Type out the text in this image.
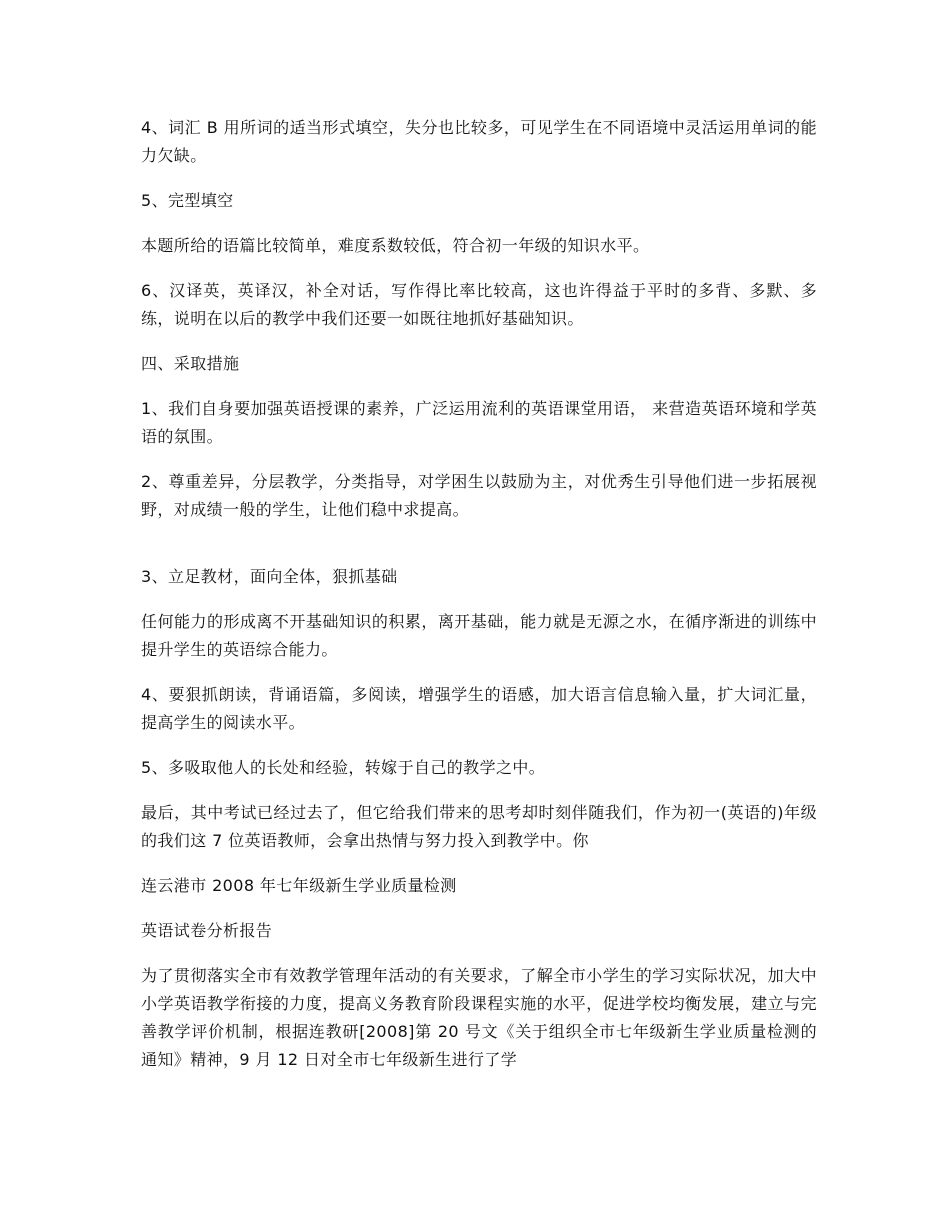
4、词汇 B 用所词的适当形式填空，失分也比较多，可见学生在不同语境中灵活运用单词的能力欠缺。

5、完型填空

本题所给的语篇比较简单，难度系数较低，符合初一年级的知识水平。

6、汉译英，英译汉，补全对话，写作得比率比较高，这也许得益于平时的多背、多默、多练，说明在以后的教学中我们还要一如既往地抓好基础知识。

四、采取措施

1、我们自身要加强英语授课的素养，广泛运用流利的英语课堂用语， 来营造英语环境和学英语的氛围。

2、尊重差异，分层教学，分类指导，对学困生以鼓励为主，对优秀生引导他们进一步拓展视野，对成绩一般的学生，让他们稳中求提高。

3、立足教材，面向全体，狠抓基础

任何能力的形成离不开基础知识的积累，离开基础，能力就是无源之水，在循序渐进的训练中提升学生的英语综合能力。

4、要狠抓朗读，背诵语篇，多阅读，增强学生的语感，加大语言信息输入量，扩大词汇量，提高学生的阅读水平。

5、多吸取他人的长处和经验，转嫁于自己的教学之中。

最后，其中考试已经过去了，但它给我们带来的思考却时刻伴随我们，作为初一(英语的)年级的我们这 7 位英语教师，会拿出热情与努力投入到教学中。你

连云港市 2008 年七年级新生学业质量检测

英语试卷分析报告

为了贯彻落实全市有效教学管理年活动的有关要求，了解全市小学生的学习实际状况，加大中小学英语教学衔接的力度，提高义务教育阶段课程实施的水平，促进学校均衡发展，建立与完善教学评价机制，根据连教研[2008]第 20 号文《关于组织全市七年级新生学业质量检测的通知》精神，9 月 12 日对全市七年级新生进行了学
